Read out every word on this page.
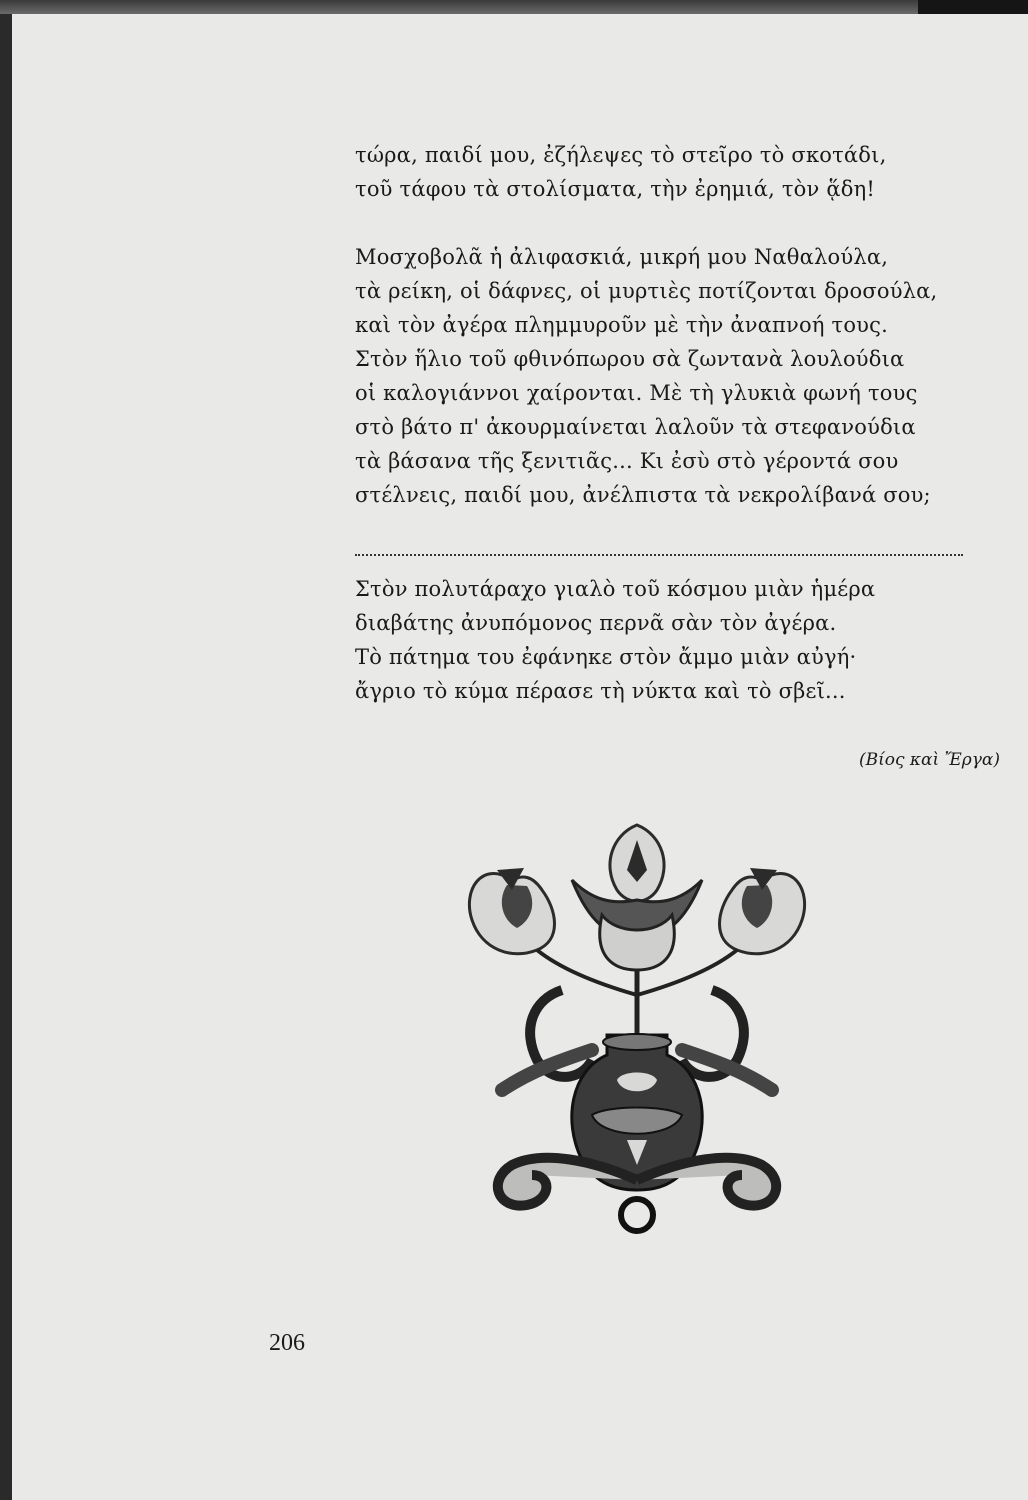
τώρα, παιδί μου, ἐζήλεψες τὸ στεῖρο τὸ σκοτάδι,
τοῦ τάφου τὰ στολίσματα, τὴν ἐρημιά, τὸν ᾅδη!
Μοσχοβολᾶ ἡ ἀλιφασκιά, μικρή μου Ναθαλούλα,
τὰ ρείκη, οἱ δάφνες, οἱ μυρτιὲς ποτίζονται δροσούλα,
καὶ τὸν ἀγέρα πλημμυροῦν μὲ τὴν ἀναπνοή τους.
Στὸν ἥλιο τοῦ φθινόπωρου σὰ ζωντανὰ λουλούδια
οἱ καλογιάννοι χαίρονται. Μὲ τὴ γλυκιὰ φωνή τους
στὸ βάτο π' ἀκουρμαίνεται λαλοῦν τὰ στεφανούδια
τὰ βάσανα τῆς ξενιτιᾶς... Κι ἐσὺ στὸ γέροντά σου
στέλνεις, παιδί μου, ἀνέλπιστα τὰ νεκρολίβανά σου;
Στὸν πολυτάραχο γιαλὸ τοῦ κόσμου μιὰν ἡμέρα
διαβάτης ἀνυπόμονος περνᾶ σὰν τὸν ἀγέρα.
Τὸ πάτημα του ἐφάνηκε στὸν ἄμμο μιὰν αὐγή·
ἄγριο τὸ κύμα πέρασε τὴ νύκτα καὶ τὸ σβεῖ...
(Βίος καὶ Ἔργα)
206
